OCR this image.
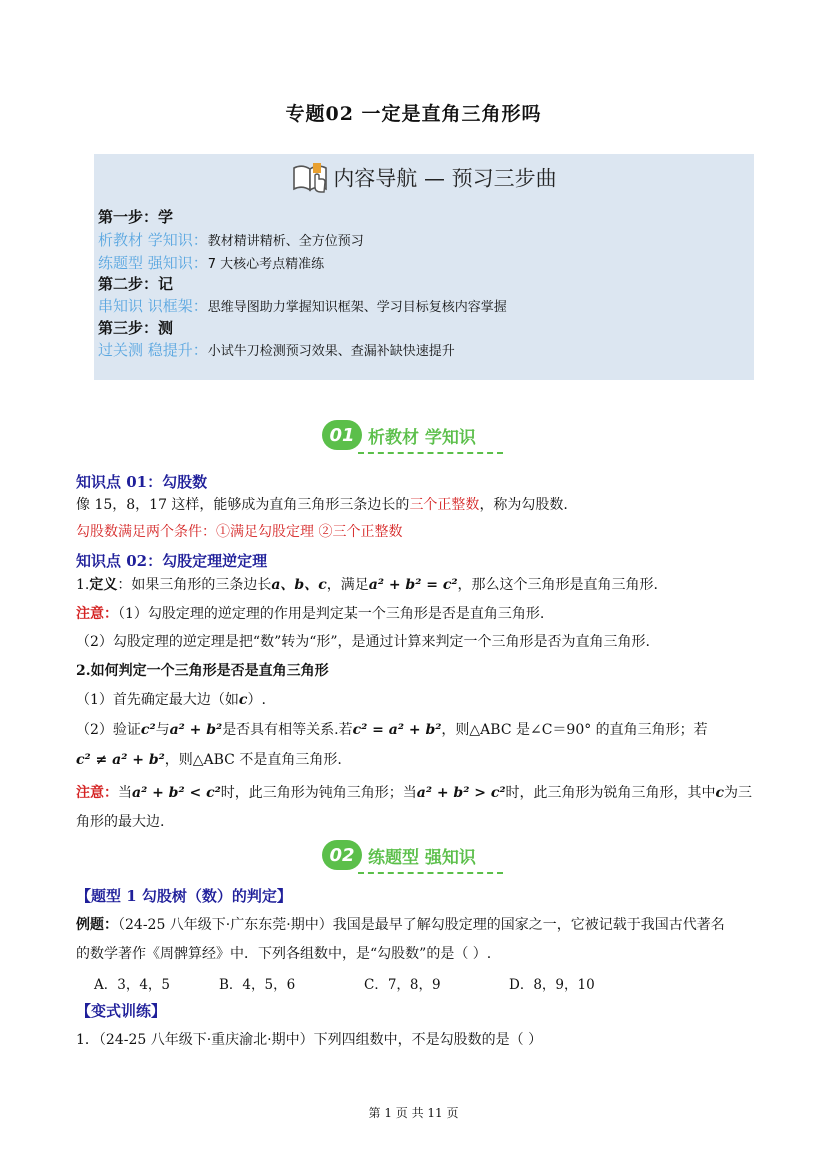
专题02 一定是直角三角形吗
内容导航 — 预习三步曲
第一步：学
析教材 学知识：教材精讲精析、全方位预习
练题型 强知识：7 大核心考点精准练
第二步：记
串知识 识框架：思维导图助力掌握知识框架、学习目标复核内容掌握
第三步：测
过关测 稳提升：小试牛刀检测预习效果、查漏补缺快速提升
01 析教材 学知识
知识点 01：勾股数
像 15，8，17 这样，能够成为直角三角形三条边长的三个正整数，称为勾股数.
勾股数满足两个条件：①满足勾股定理 ②三个正整数
知识点 02：勾股定理逆定理
1.定义：如果三角形的三条边长a、b、c，满足a² + b² = c²，那么这个三角形是直角三角形.
注意：（1）勾股定理的逆定理的作用是判定某一个三角形是否是直角三角形.
（2）勾股定理的逆定理是把“数”转为“形”，是通过计算来判定一个三角形是否为直角三角形.
2.如何判定一个三角形是否是直角三角形
（1）首先确定最大边（如c）.
（2）验证c²与a² + b²是否具有相等关系.若c² = a² + b²，则△ABC 是∠C＝90° 的直角三角形；若
c² ≠ a² + b²，则△ABC 不是直角三角形.
注意：当a² + b² < c²时，此三角形为钝角三角形；当a² + b² > c²时，此三角形为锐角三角形，其中c为三
角形的最大边.
02 练题型 强知识
【题型 1 勾股树（数）的判定】
例题：（24-25 八年级下·广东东莞·期中）我国是最早了解勾股定理的国家之一，它被记载于我国古代著名
的数学著作《周髀算经》中．下列各组数中，是“勾股数”的是（ ）.
A．3，4，5	B．4，5，6	C．7，8，9	D．8，9，10
【变式训练】
1．（24-25 八年级下·重庆渝北·期中）下列四组数中，不是勾股数的是（ ）
第 1 页 共 11 页
